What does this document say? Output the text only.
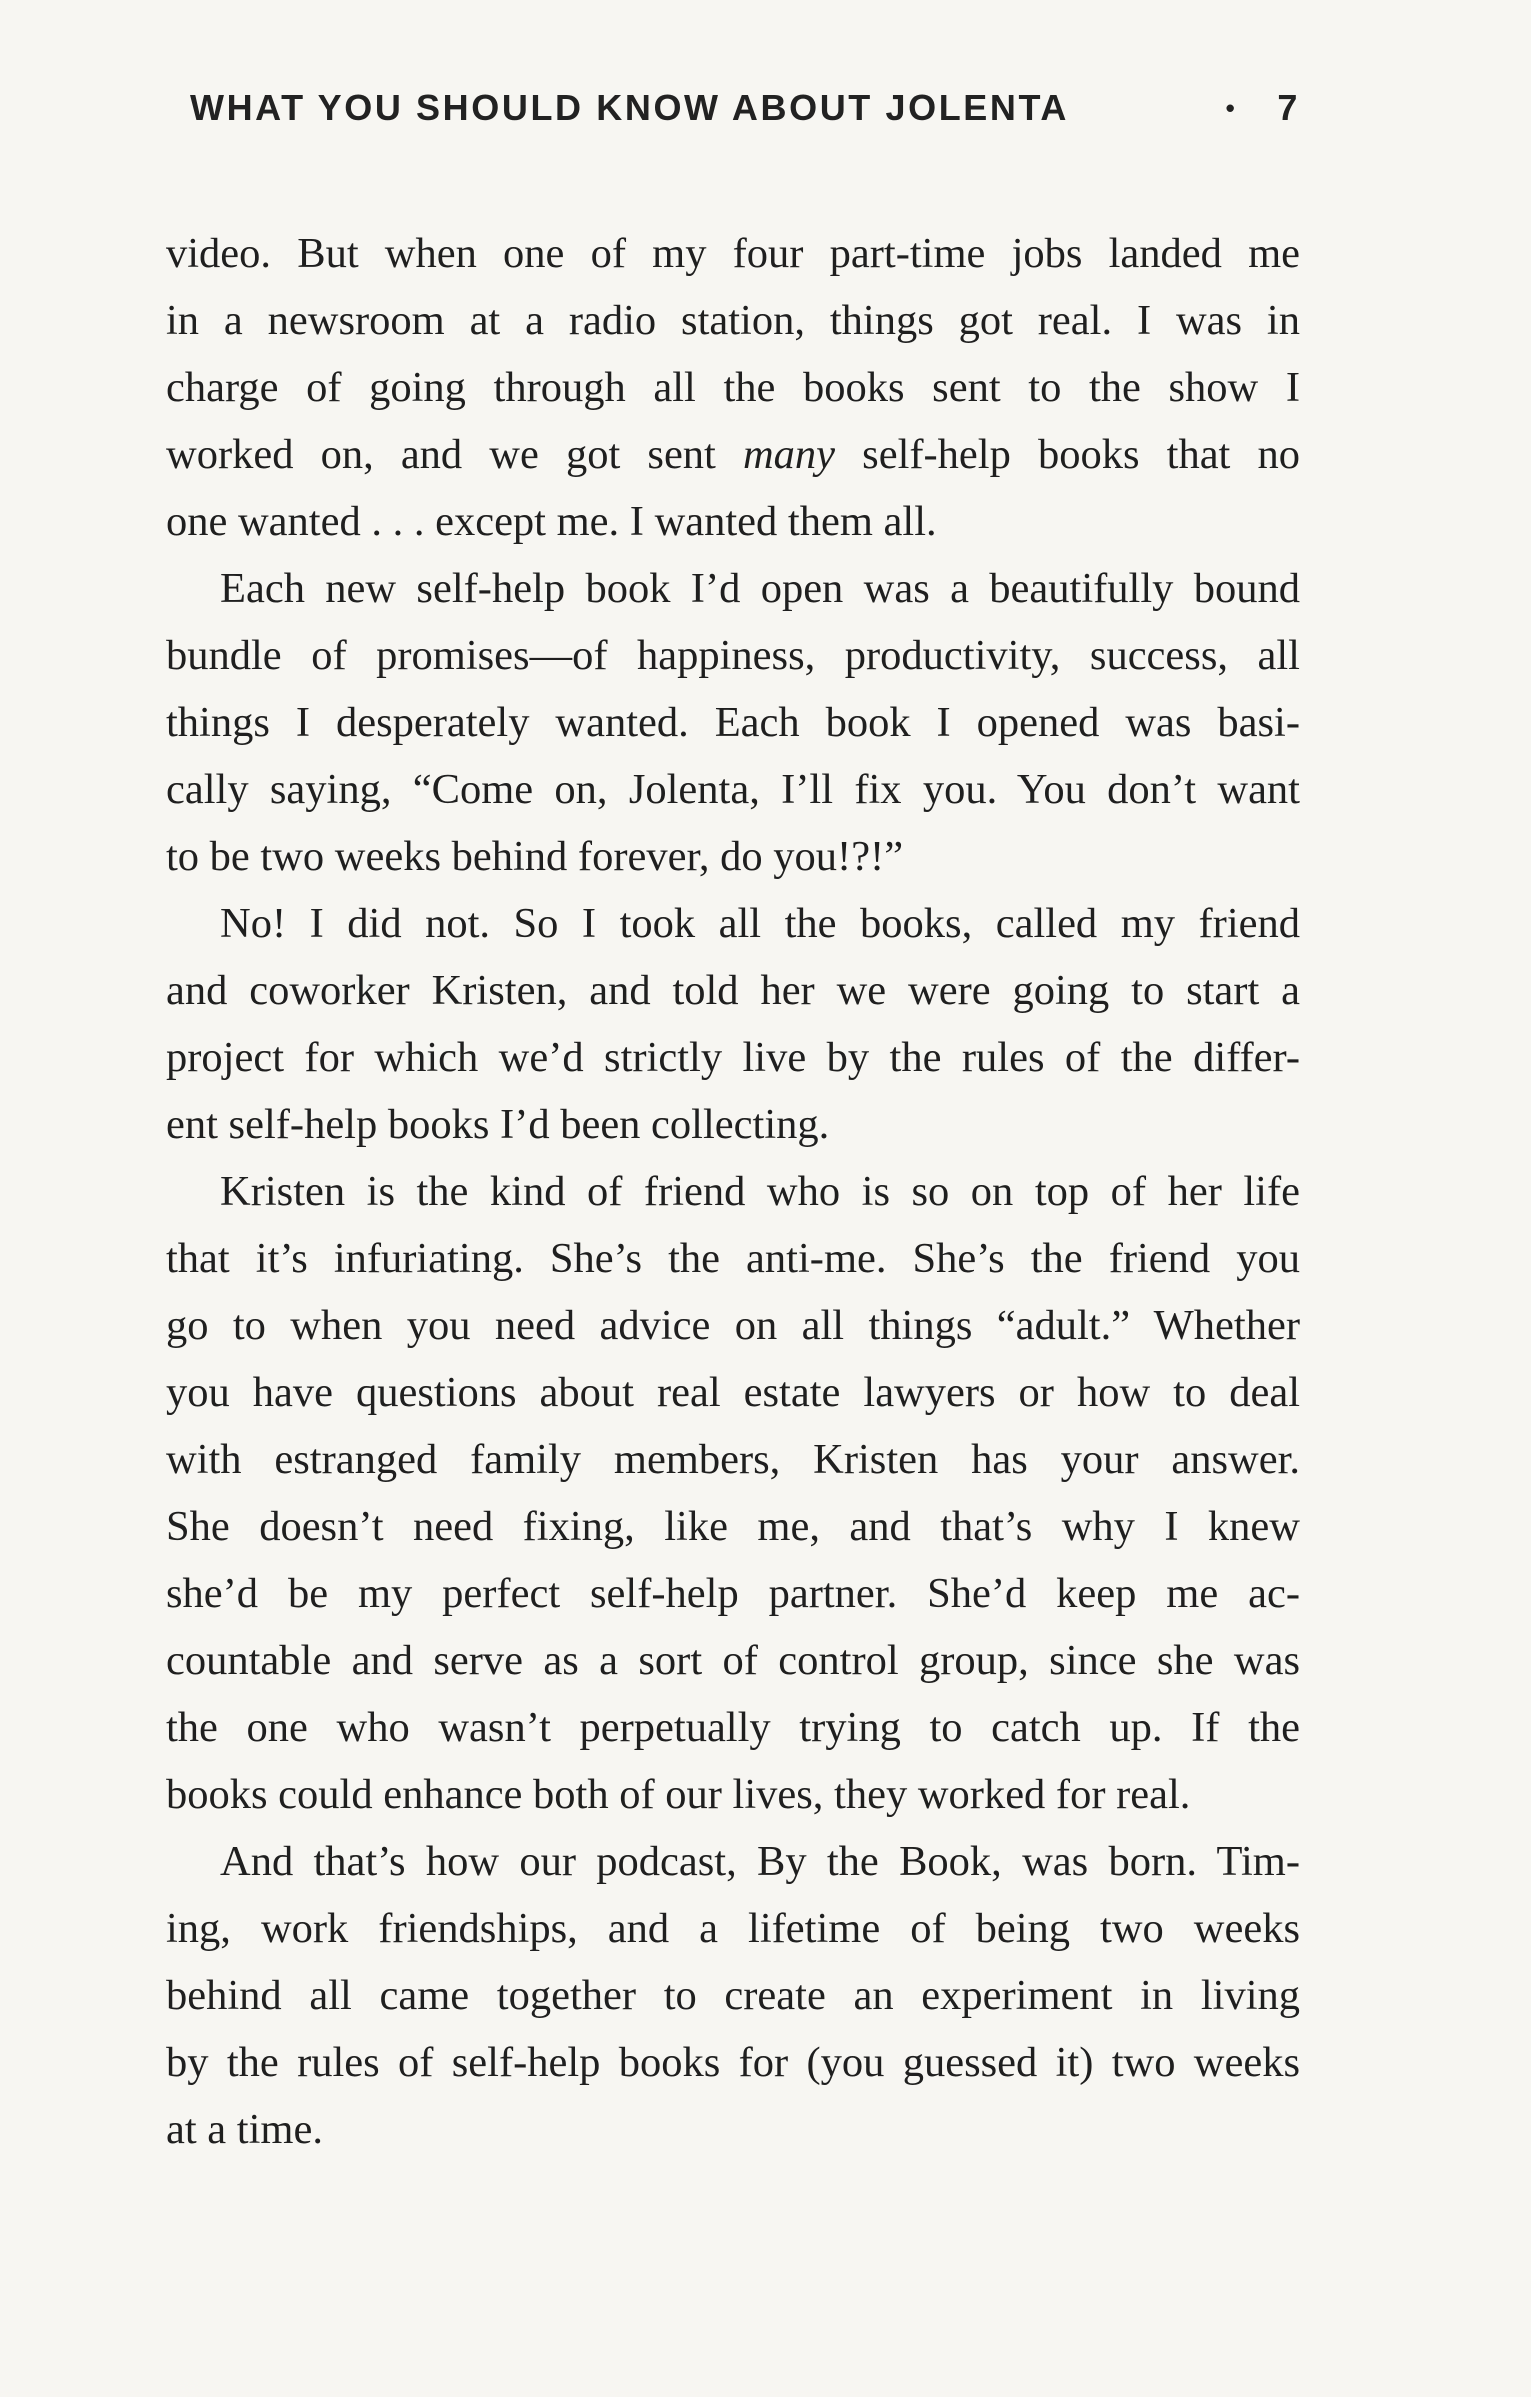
WHAT YOU SHOULD KNOW ABOUT JOLENTA	• 7

video. But when one of my four part-time jobs landed me
in a newsroom at a radio station, things got real. I was in
charge of going through all the books sent to the show I
worked on, and we got sent many self-help books that no
one wanted . . . except me. I wanted them all.

Each new self-help book I’d open was a beautifully bound
bundle of promises—of happiness, productivity, success, all
things I desperately wanted. Each book I opened was basi-
cally saying, “Come on, Jolenta, I’ll fix you. You don’t want
to be two weeks behind forever, do you!?!”

No! I did not. So I took all the books, called my friend
and coworker Kristen, and told her we were going to start a
project for which we’d strictly live by the rules of the differ-
ent self-help books I’d been collecting.

Kristen is the kind of friend who is so on top of her life
that it’s infuriating. She’s the anti-me. She’s the friend you
go to when you need advice on all things “adult.” Whether
you have questions about real estate lawyers or how to deal
with estranged family members, Kristen has your answer.
She doesn’t need fixing, like me, and that’s why I knew
she’d be my perfect self-help partner. She’d keep me ac-
countable and serve as a sort of control group, since she was
the one who wasn’t perpetually trying to catch up. If the
books could enhance both of our lives, they worked for real.

And that’s how our podcast, By the Book, was born. Tim-
ing, work friendships, and a lifetime of being two weeks
behind all came together to create an experiment in living
by the rules of self-help books for (you guessed it) two weeks
at a time.
